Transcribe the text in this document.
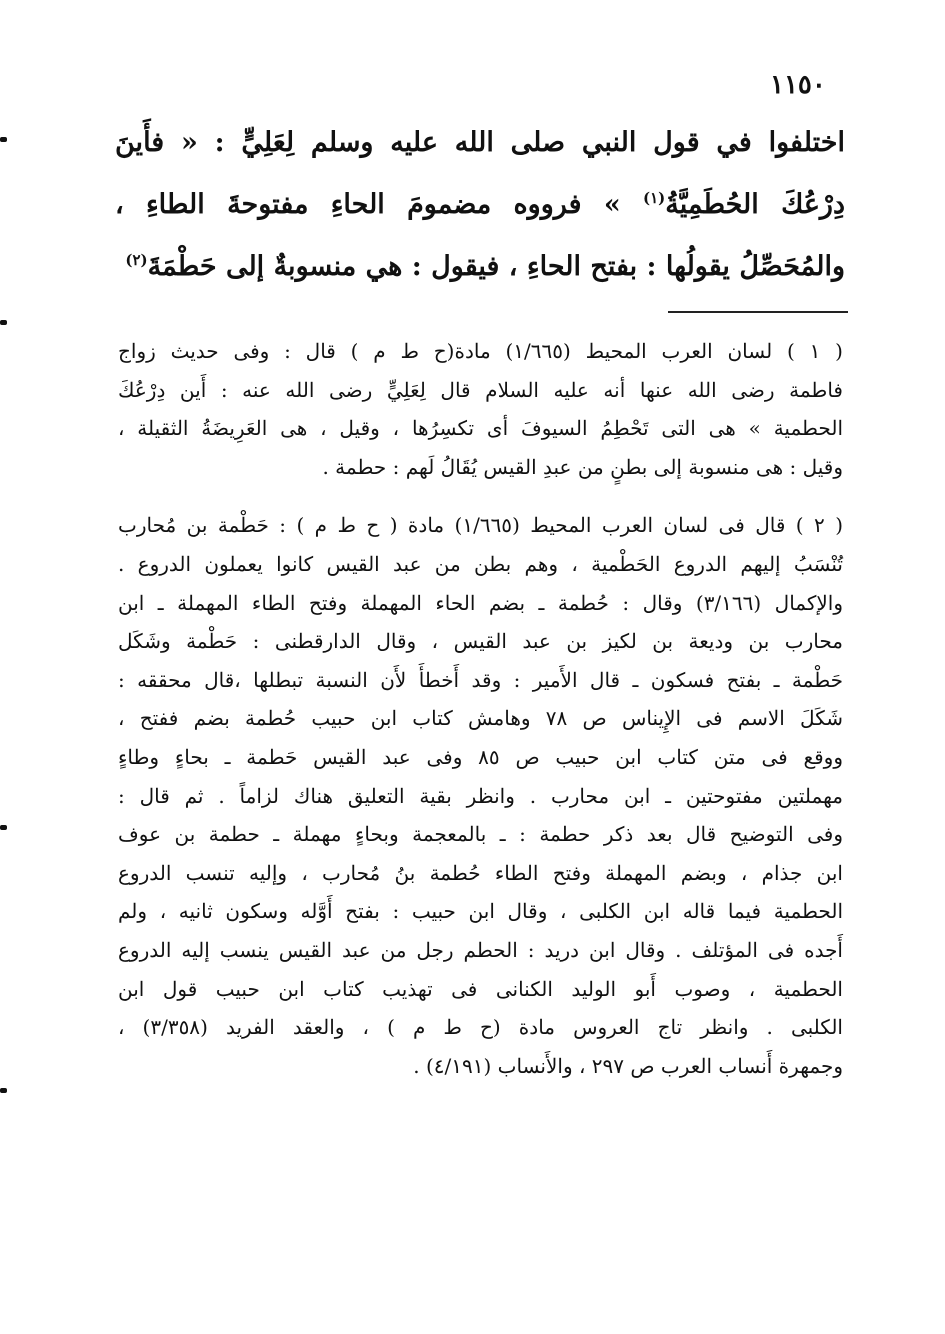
١١٥٠

اختلفوا في قول النبي صلى الله عليه وسلم لِعَلِيٍّ : « فأَينَ
دِرْعُكَ الحُطَمِيَّةُ$^{(١)}$ » فرووه مضمومَ الحاءِ مفتوحةَ الطاءِ ،
والمُحَصِّلُ يقولُها : بفتح الحاءِ ، فيقول : هي منسوبةٌ إلى حَطْمَةَ$^{(٢)}$

( ١ ) لسان العرب المحيط (١/٦٦٥) مادة(ح ط م ) قال : وفى حديث زواج
فاطمة رضى الله عنها أنه عليه السلام قال لِعَلِيٍّ رضى الله عنه : أَين دِرْعُكَ
الحطمية » هى التى تَحْطِمُ السيوفَ أى تكسِرُها ، وقيل ، هى العَرِيضَةُ الثقيلة ،
وقيل : هى منسوبة إلى بطنٍ من عبدِ القيس يُقَالُ لَهم : حطمة .
( ٢ ) قال فى لسان العرب المحيط (١/٦٦٥) مادة ( ح ط م ) : حَطْمة بن مُحارب
تُنْسَبُ إليهم الدروع الحَطْمية ، وهم بطن من عبد القيس كانوا يعملون الدروع .
والإكمال (٣/١٦٦) وقال : حُطمة ـ بضم الحاء المهملة وفتح الطاء المهملة ـ ابن
محارب بن وديعة بن لكيز بن عبد القيس ، وقال الدارقطنى : حَطْمة وشَكَل
حَطْمة ـ بفتح فسكون ـ قال الأَمير : وقد أَخطأَ لأَن النسبة تبطلها ،قال محققه :
شَكَلَ الاسم فى الإِيناس ص ٧٨ وهامش كتاب ابن حبيب حُطمة بضم ففتح ،
ووقع فى متن كتاب ابن حبيب ص ٨٥ وفى عبد القيس حَطمة ـ بحاءٍ وطاءٍ
مهملتين مفتوحتين ـ ابن محارب . وانظر بقية التعليق هناك لزاماً . ثم قال :
وفى التوضيح قال بعد ذكر حطمة : ـ بالمعجمة وبحاءٍ مهملة ـ حطمة بن عوف
ابن جذام ، وبضم المهملة وفتح الطاء حُطمة بنُ مُحارب ، وإليه تنسب الدروع
الحطمية فيما قاله ابن الكلبى ، وقال ابن حبيب : بفتح أَوَّله وسكون ثانيه ، ولم
أَجده فى المؤتلف . وقال ابن دريد : الحطم رجل من عبد القيس ينسب إليه الدروع
الحطمية ، وصوب أَبو الوليد الكنانى فى تهذيب كتاب ابن حبيب قول ابن
الكلبى . وانظر تاج العروس مادة (ح ط م ) ، والعقد الفريد (٣/٣٥٨) ،
وجمهرة أَنساب العرب ص ٢٩٧ ، والأَنساب (٤/١٩١) .
